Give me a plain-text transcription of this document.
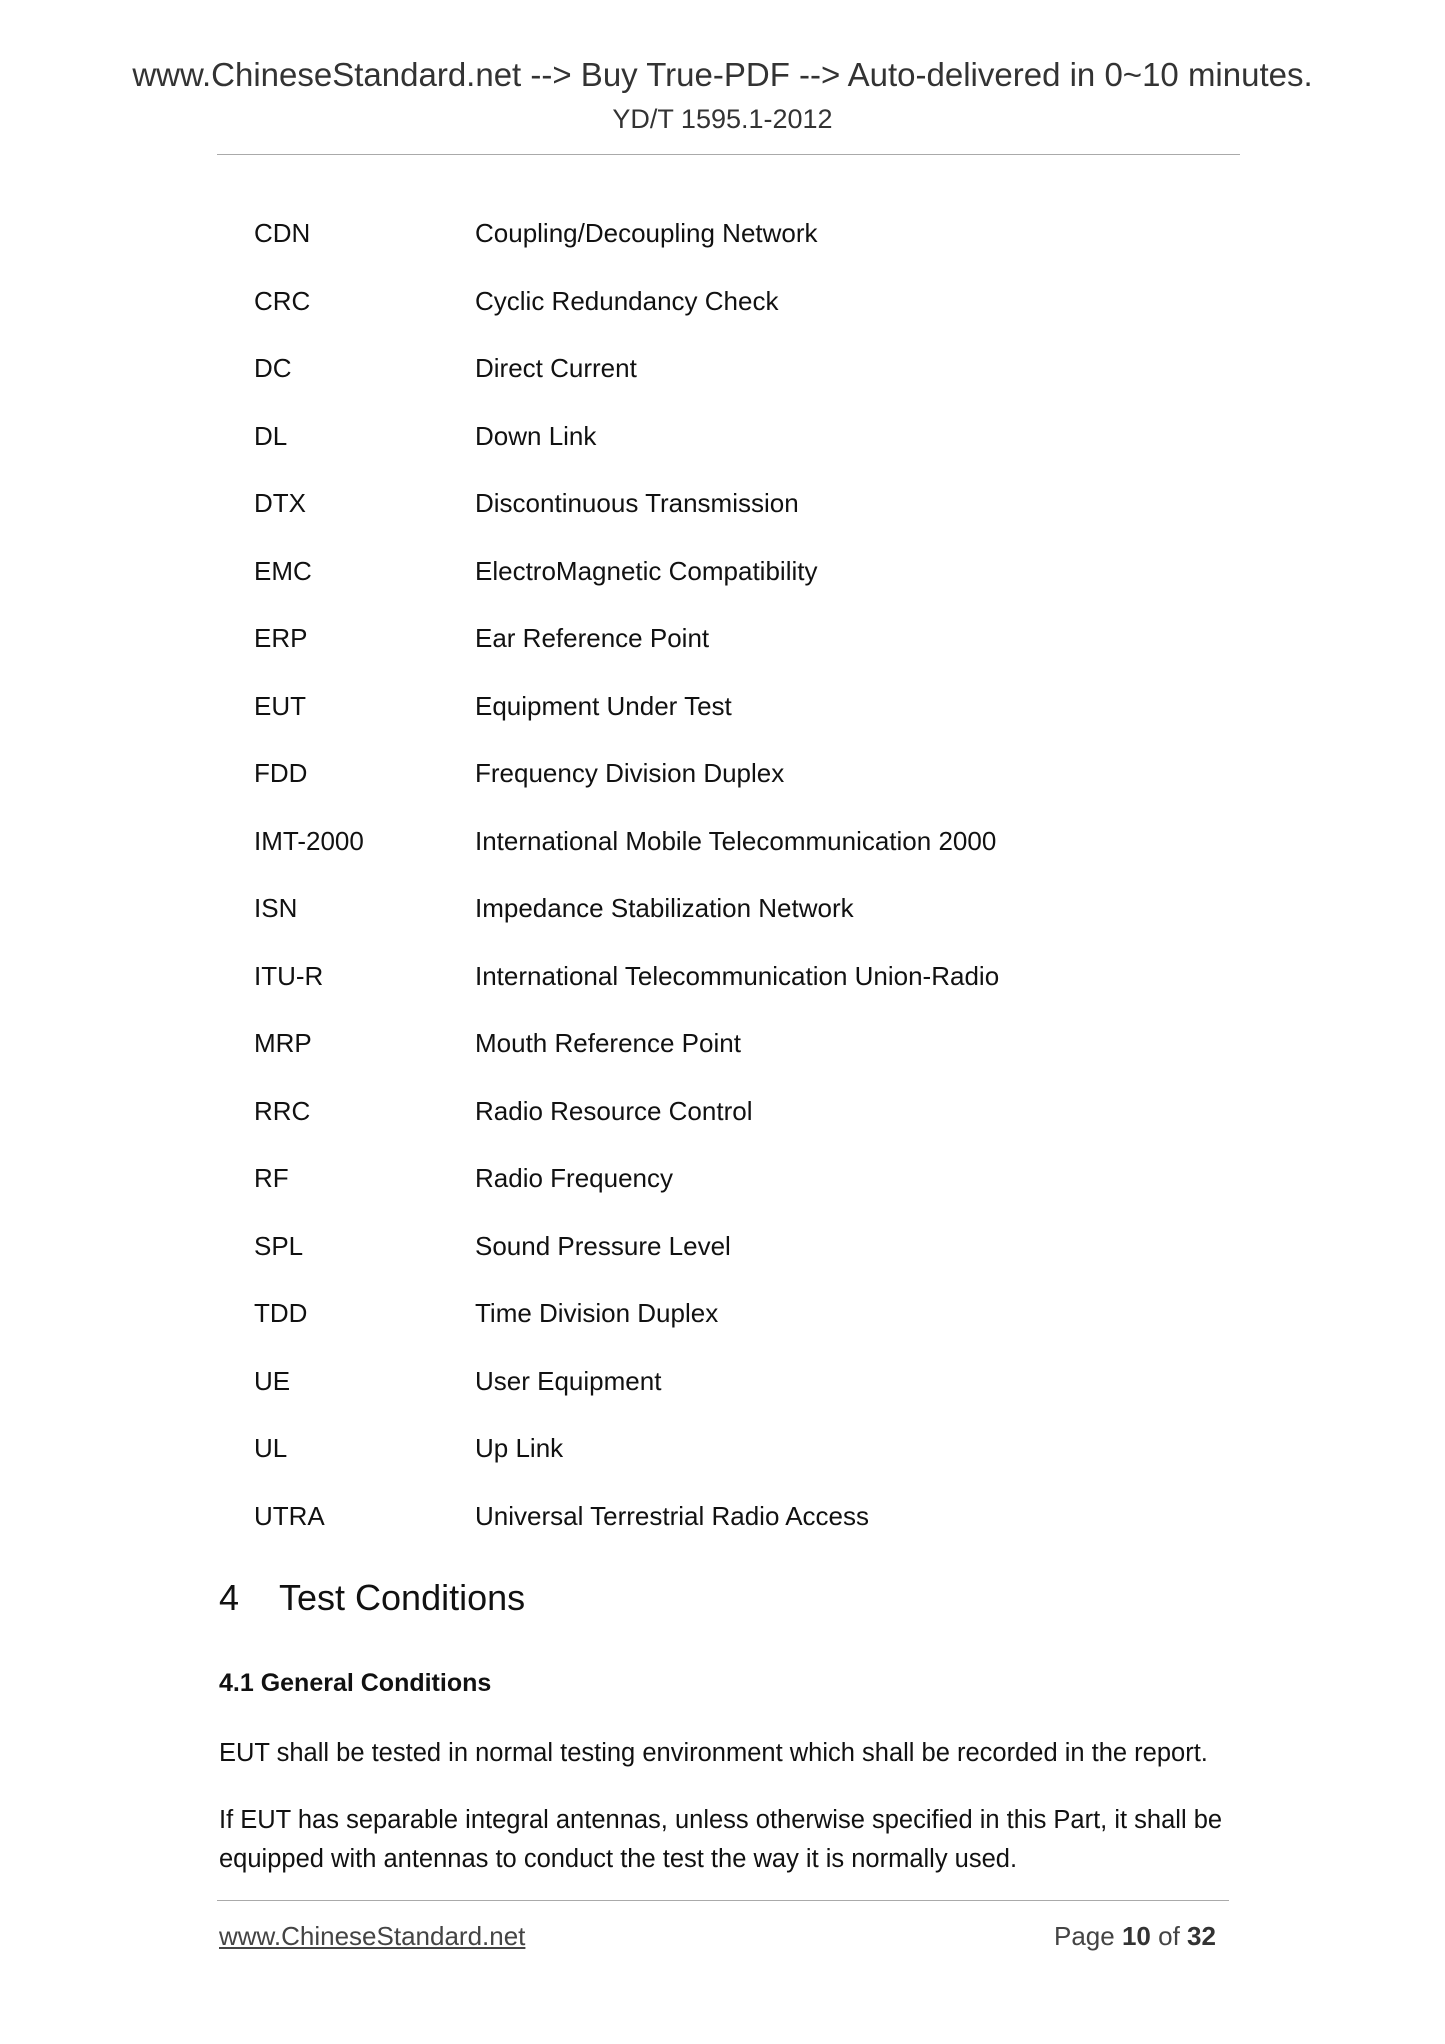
www.ChineseStandard.net --> Buy True-PDF --> Auto-delivered in 0~10 minutes.
YD/T 1595.1-2012
CDN	Coupling/Decoupling Network
CRC	Cyclic Redundancy Check
DC	Direct Current
DL	Down Link
DTX	Discontinuous Transmission
EMC	ElectroMagnetic Compatibility
ERP	Ear Reference Point
EUT	Equipment Under Test
FDD	Frequency Division Duplex
IMT-2000	International Mobile Telecommunication 2000
ISN	Impedance Stabilization Network
ITU-R	International Telecommunication Union-Radio
MRP	Mouth Reference Point
RRC	Radio Resource Control
RF	Radio Frequency
SPL	Sound Pressure Level
TDD	Time Division Duplex
UE	User Equipment
UL	Up Link
UTRA	Universal Terrestrial Radio Access
4 Test Conditions
4.1 General Conditions

EUT shall be tested in normal testing environment which shall be recorded in the report.

If EUT has separable integral antennas, unless otherwise specified in this Part, it shall be equipped with antennas to conduct the test the way it is normally used.

www.ChineseStandard.net	Page 10 of 32
